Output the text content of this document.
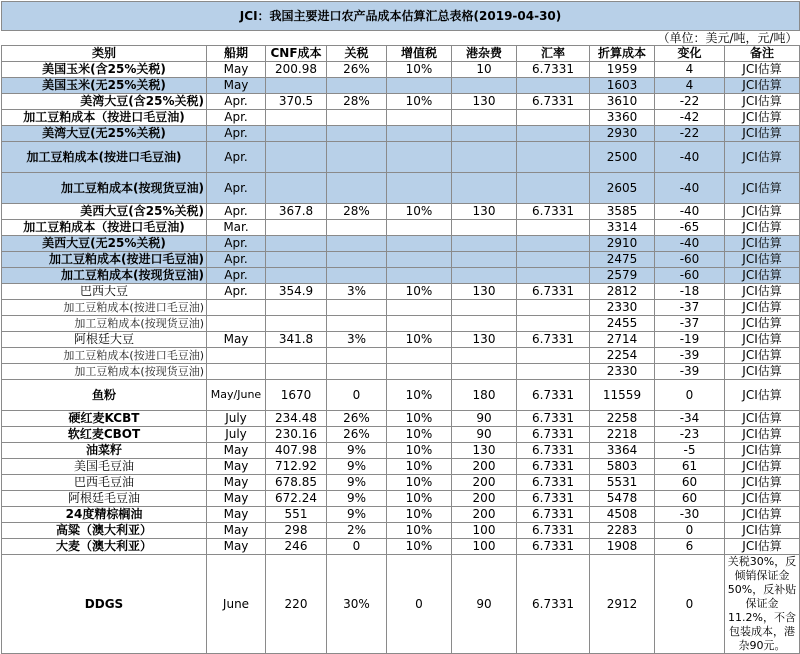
JCI：我国主要进口农产品成本估算汇总表格(2019-04-30)									
（单位：美元/吨，元/吨）									
类别	船期	CNF成本	关税	增值税	港杂费	汇率	折算成本	变化	备注
美国玉米(含25%关税)	May	200.98	26%	10%	10	6.7331	1959	4	JCI估算
美国玉米(无25%关税)	May						1603	4	JCI估算
美湾大豆(含25%关税)	Apr.	370.5	28%	10%	130	6.7331	3610	-22	JCI估算
加工豆粕成本（按进口毛豆油)	Apr.						3360	-42	JCI估算
美湾大豆(无25%关税)	Apr.						2930	-22	JCI估算
加工豆粕成本(按进口毛豆油)	Apr.						2500	-40	JCI估算
加工豆粕成本(按现货豆油)	Apr.						2605	-40	JCI估算
美西大豆(含25%关税)	Apr.	367.8	28%	10%	130	6.7331	3585	-40	JCI估算
加工豆粕成本（按进口毛豆油)	Mar.						3314	-65	JCI估算
美西大豆(无25%关税)	Apr.						2910	-40	JCI估算
加工豆粕成本(按进口毛豆油)	Apr.						2475	-60	JCI估算
加工豆粕成本(按现货豆油)	Apr.						2579	-60	JCI估算
巴西大豆	Apr.	354.9	3%	10%	130	6.7331	2812	-18	JCI估算
加工豆粕成本(按进口毛豆油)							2330	-37	JCI估算
加工豆粕成本(按现货豆油)							2455	-37	JCI估算
阿根廷大豆	May	341.8	3%	10%	130	6.7331	2714	-19	JCI估算
加工豆粕成本(按进口毛豆油)							2254	-39	JCI估算
加工豆粕成本(按现货豆油)							2330	-39	JCI估算
鱼粉	May/June	1670	0	10%	180	6.7331	11559	0	JCI估算
硬红麦KCBT	July	234.48	26%	10%	90	6.7331	2258	-34	JCI估算
软红麦CBOT	July	230.16	26%	10%	90	6.7331	2218	-23	JCI估算
油菜籽	May	407.98	9%	10%	130	6.7331	3364	-5	JCI估算
美国毛豆油	May	712.92	9%	10%	200	6.7331	5803	61	JCI估算
巴西毛豆油	May	678.85	9%	10%	200	6.7331	5531	60	JCI估算
阿根廷毛豆油	May	672.24	9%	10%	200	6.7331	5478	60	JCI估算
24度精棕榈油	May	551	9%	10%	200	6.7331	4508	-30	JCI估算
高粱（澳大利亚）	May	298	2%	10%	100	6.7331	2283	0	JCI估算
大麦（澳大利亚）	May	246	0	10%	100	6.7331	1908	6	JCI估算
DDGS	June	220	30%	0	90	6.7331	2912	0	关税30%，反倾销保证金50%，反补贴保证金11.2%，不含包装成本，港杂90元。
